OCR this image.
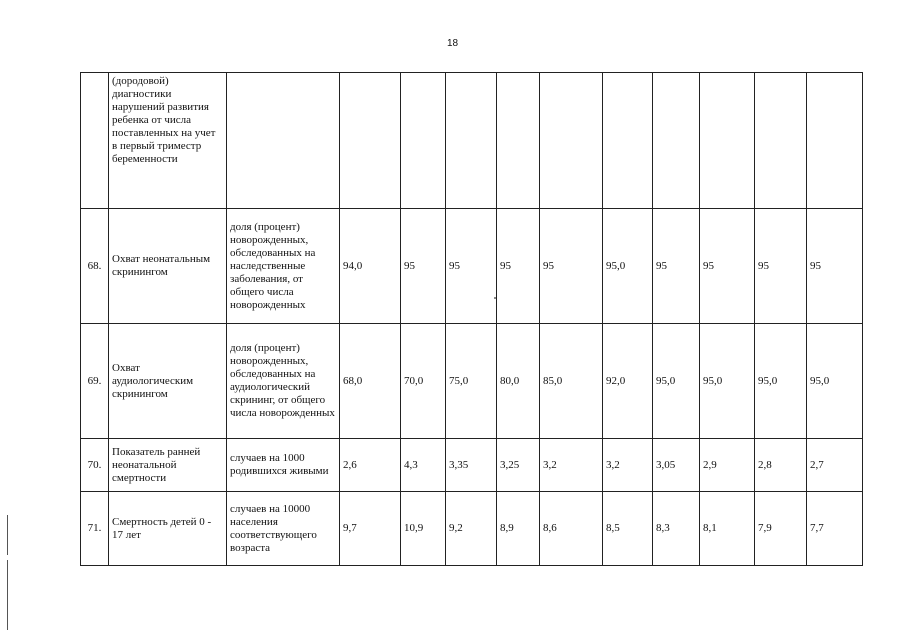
18
	(дородовой) диагностики нарушений развития ребенка от числа поставленных на учет в первый триместр беременности											
68.	Охват неонатальным скринингом	доля (процент) новорожденных, обследованных на наследственные заболевания, от общего числа новорожденных	94,0	95	95	95	95	95,0	95	95	95	95
69.	Охват аудиологическим скринингом	доля (процент) новорожденных, обследованных на аудиологический скрининг, от общего числа новорожденных	68,0	70,0	75,0	80,0	85,0	92,0	95,0	95,0	95,0	95,0
70.	Показатель ранней неонатальной смертности	случаев на 1000 родившихся живыми	2,6	4,3	3,35	3,25	3,2	3,2	3,05	2,9	2,8	2,7
71.	Смертность детей 0 - 17 лет	случаев на 10000 населения соответствующего возраста	9,7	10,9	9,2	8,9	8,6	8,5	8,3	8,1	7,9	7,7
